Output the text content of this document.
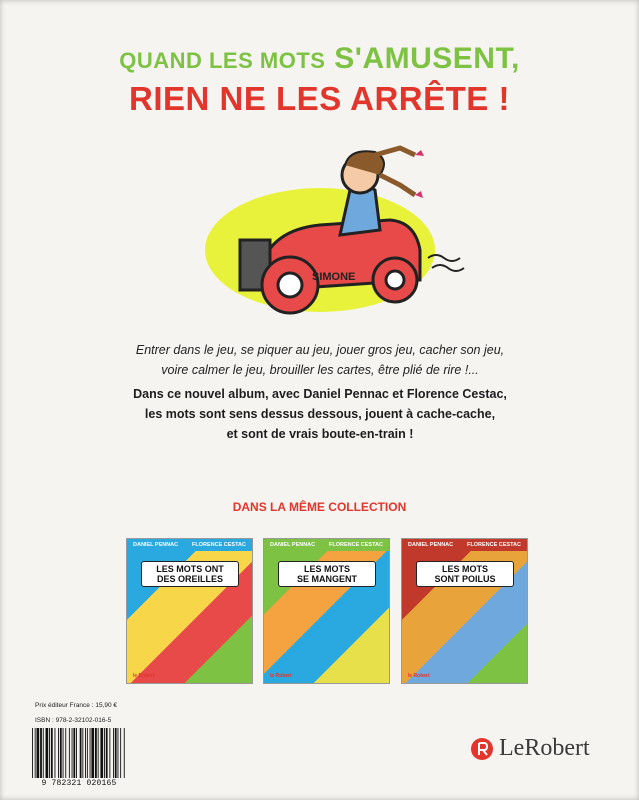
QUAND LES MOTS S'AMUSENT,
RIEN NE LES ARRÊTE !
SIMONE
Entrer dans le jeu, se piquer au jeu, jouer gros jeu, cacher son jeu,
voire calmer le jeu, brouiller les cartes, être plié de rire !...
Dans ce nouvel album, avec Daniel Pennac et Florence Cestac,
les mots sont sens dessus dessous, jouent à cache-cache,
et sont de vrais boute-en-train !
DANS LA MÊME COLLECTION
DANIEL PENNAC	FLORENCE CESTAC
LES MOTS ONT
DES OREILLES
le Robert
DANIEL PENNAC	FLORENCE CESTAC
LES MOTS
SE MANGENT
le Robert
DANIEL PENNAC	FLORENCE CESTAC
LES MOTS
SONT POILUS
le Robert
Prix éditeur France : 15,90 €
ISBN : 978-2-32102-016-5
9 782321 020165
LeRobert
